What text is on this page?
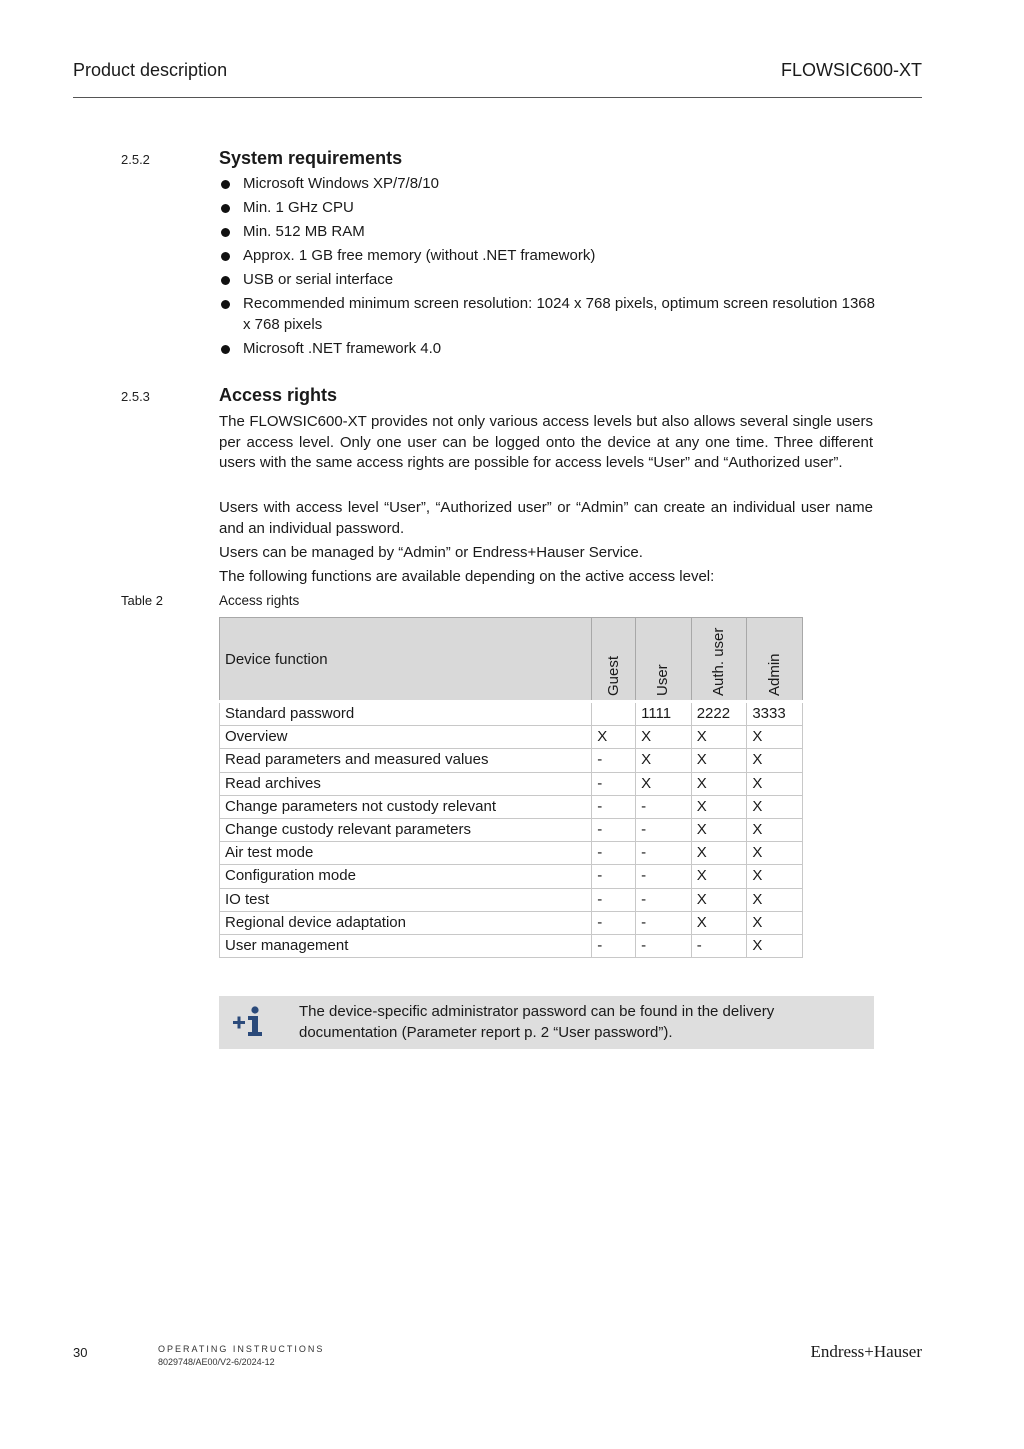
Product description	FLOWSIC600-XT
2.5.2	System requirements
Microsoft Windows XP/7/8/10
Min. 1 GHz CPU
Min. 512 MB RAM
Approx. 1 GB free memory (without .NET framework)
USB or serial interface
Recommended minimum screen resolution: 1024 x 768 pixels, optimum screen resolution 1368 x 768 pixels
Microsoft .NET framework 4.0
2.5.3	Access rights

The FLOWSIC600-XT provides not only various access levels but also allows several single users per access level. Only one user can be logged onto the device at any one time. Three different users with the same access rights are possible for access levels “User” and “Authorized user”.

Users with access level “User”, “Authorized user” or “Admin” can create an individual user name and an individual password.

Users can be managed by “Admin” or Endress+Hauser Service.

The following functions are available depending on the active access level:

Table 2	Access rights
Device function	Guest	User	Auth. user	Admin

Standard password		1111	2222	3333
Overview	X	X	X	X
Read parameters and measured values	-	X	X	X
Read archives	-	X	X	X
Change parameters not custody relevant	-	-	X	X
Change custody relevant parameters	-	-	X	X
Air test mode	-	-	X	X
Configuration mode	-	-	X	X
IO test	-	-	X	X
Regional device adaptation	-	-	X	X
User management	-	-	-	X
The device-specific administrator password can be found in the delivery documentation (Parameter report p. 2 “User password”).
30	OPERATING INSTRUCTIONS
8029748/AE00/V2-6/2024-12
Endress+Hauser
